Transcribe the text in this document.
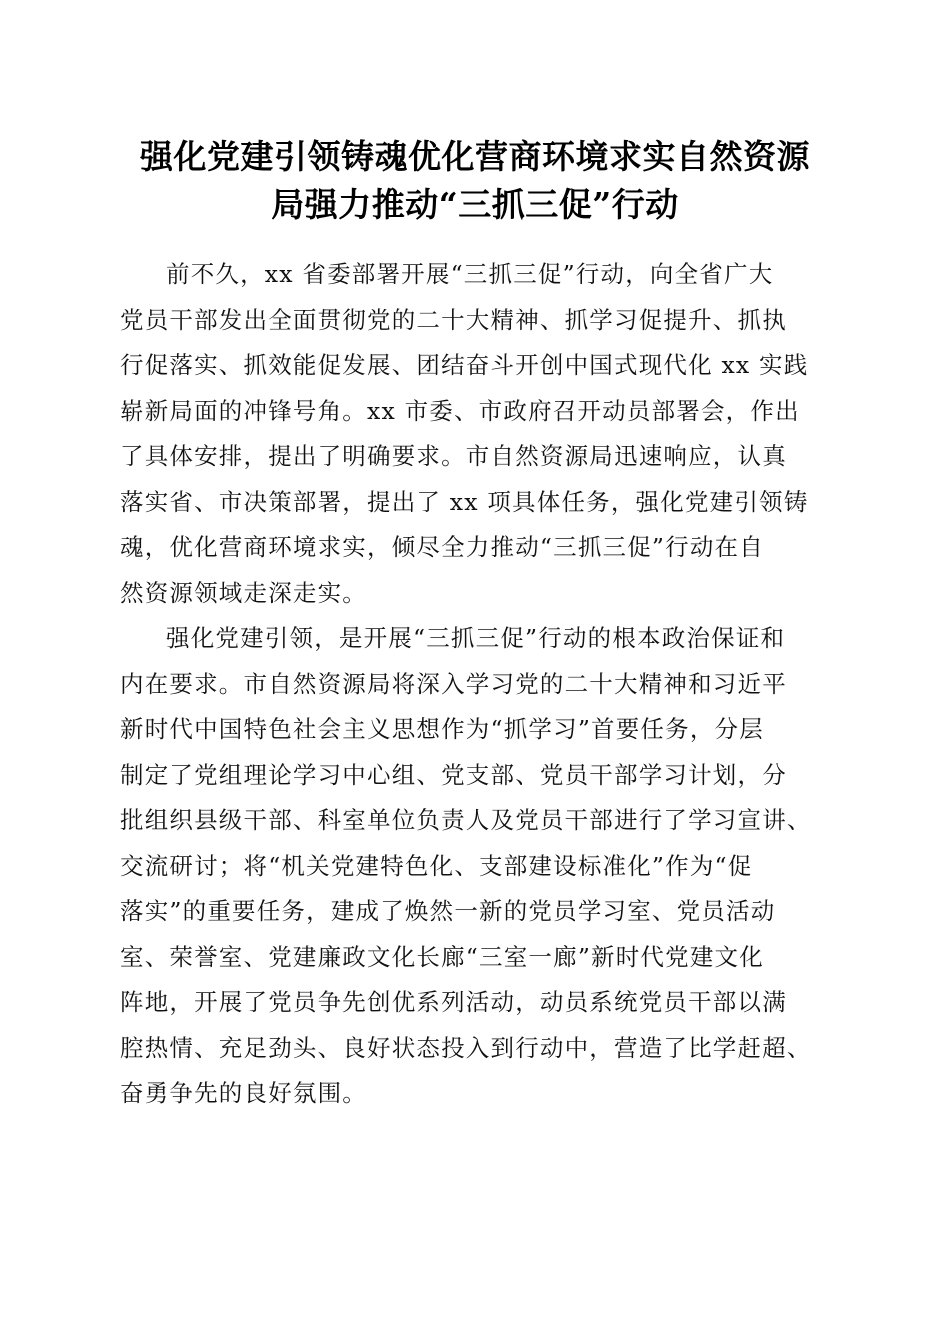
强化党建引领铸魂优化营商环境求实自然资源
局强力推动“三抓三促”行动

前不久，xx 省委部署开展“三抓三促”行动，向全省广大
党员干部发出全面贯彻党的二十大精神、抓学习促提升、抓执
行促落实、抓效能促发展、团结奋斗开创中国式现代化 xx 实践
崭新局面的冲锋号角。xx 市委、市政府召开动员部署会，作出
了具体安排，提出了明确要求。市自然资源局迅速响应，认真
落实省、市决策部署，提出了 xx 项具体任务，强化党建引领铸
魂，优化营商环境求实，倾尽全力推动“三抓三促”行动在自
然资源领域走深走实。

强化党建引领，是开展“三抓三促”行动的根本政治保证和
内在要求。市自然资源局将深入学习党的二十大精神和习近平
新时代中国特色社会主义思想作为“抓学习”首要任务，分层
制定了党组理论学习中心组、党支部、党员干部学习计划，分
批组织县级干部、科室单位负责人及党员干部进行了学习宣讲、
交流研讨；将“机关党建特色化、支部建设标准化”作为“促
落实”的重要任务，建成了焕然一新的党员学习室、党员活动
室、荣誉室、党建廉政文化长廊“三室一廊”新时代党建文化
阵地，开展了党员争先创优系列活动，动员系统党员干部以满
腔热情、充足劲头、良好状态投入到行动中，营造了比学赶超、
奋勇争先的良好氛围。
